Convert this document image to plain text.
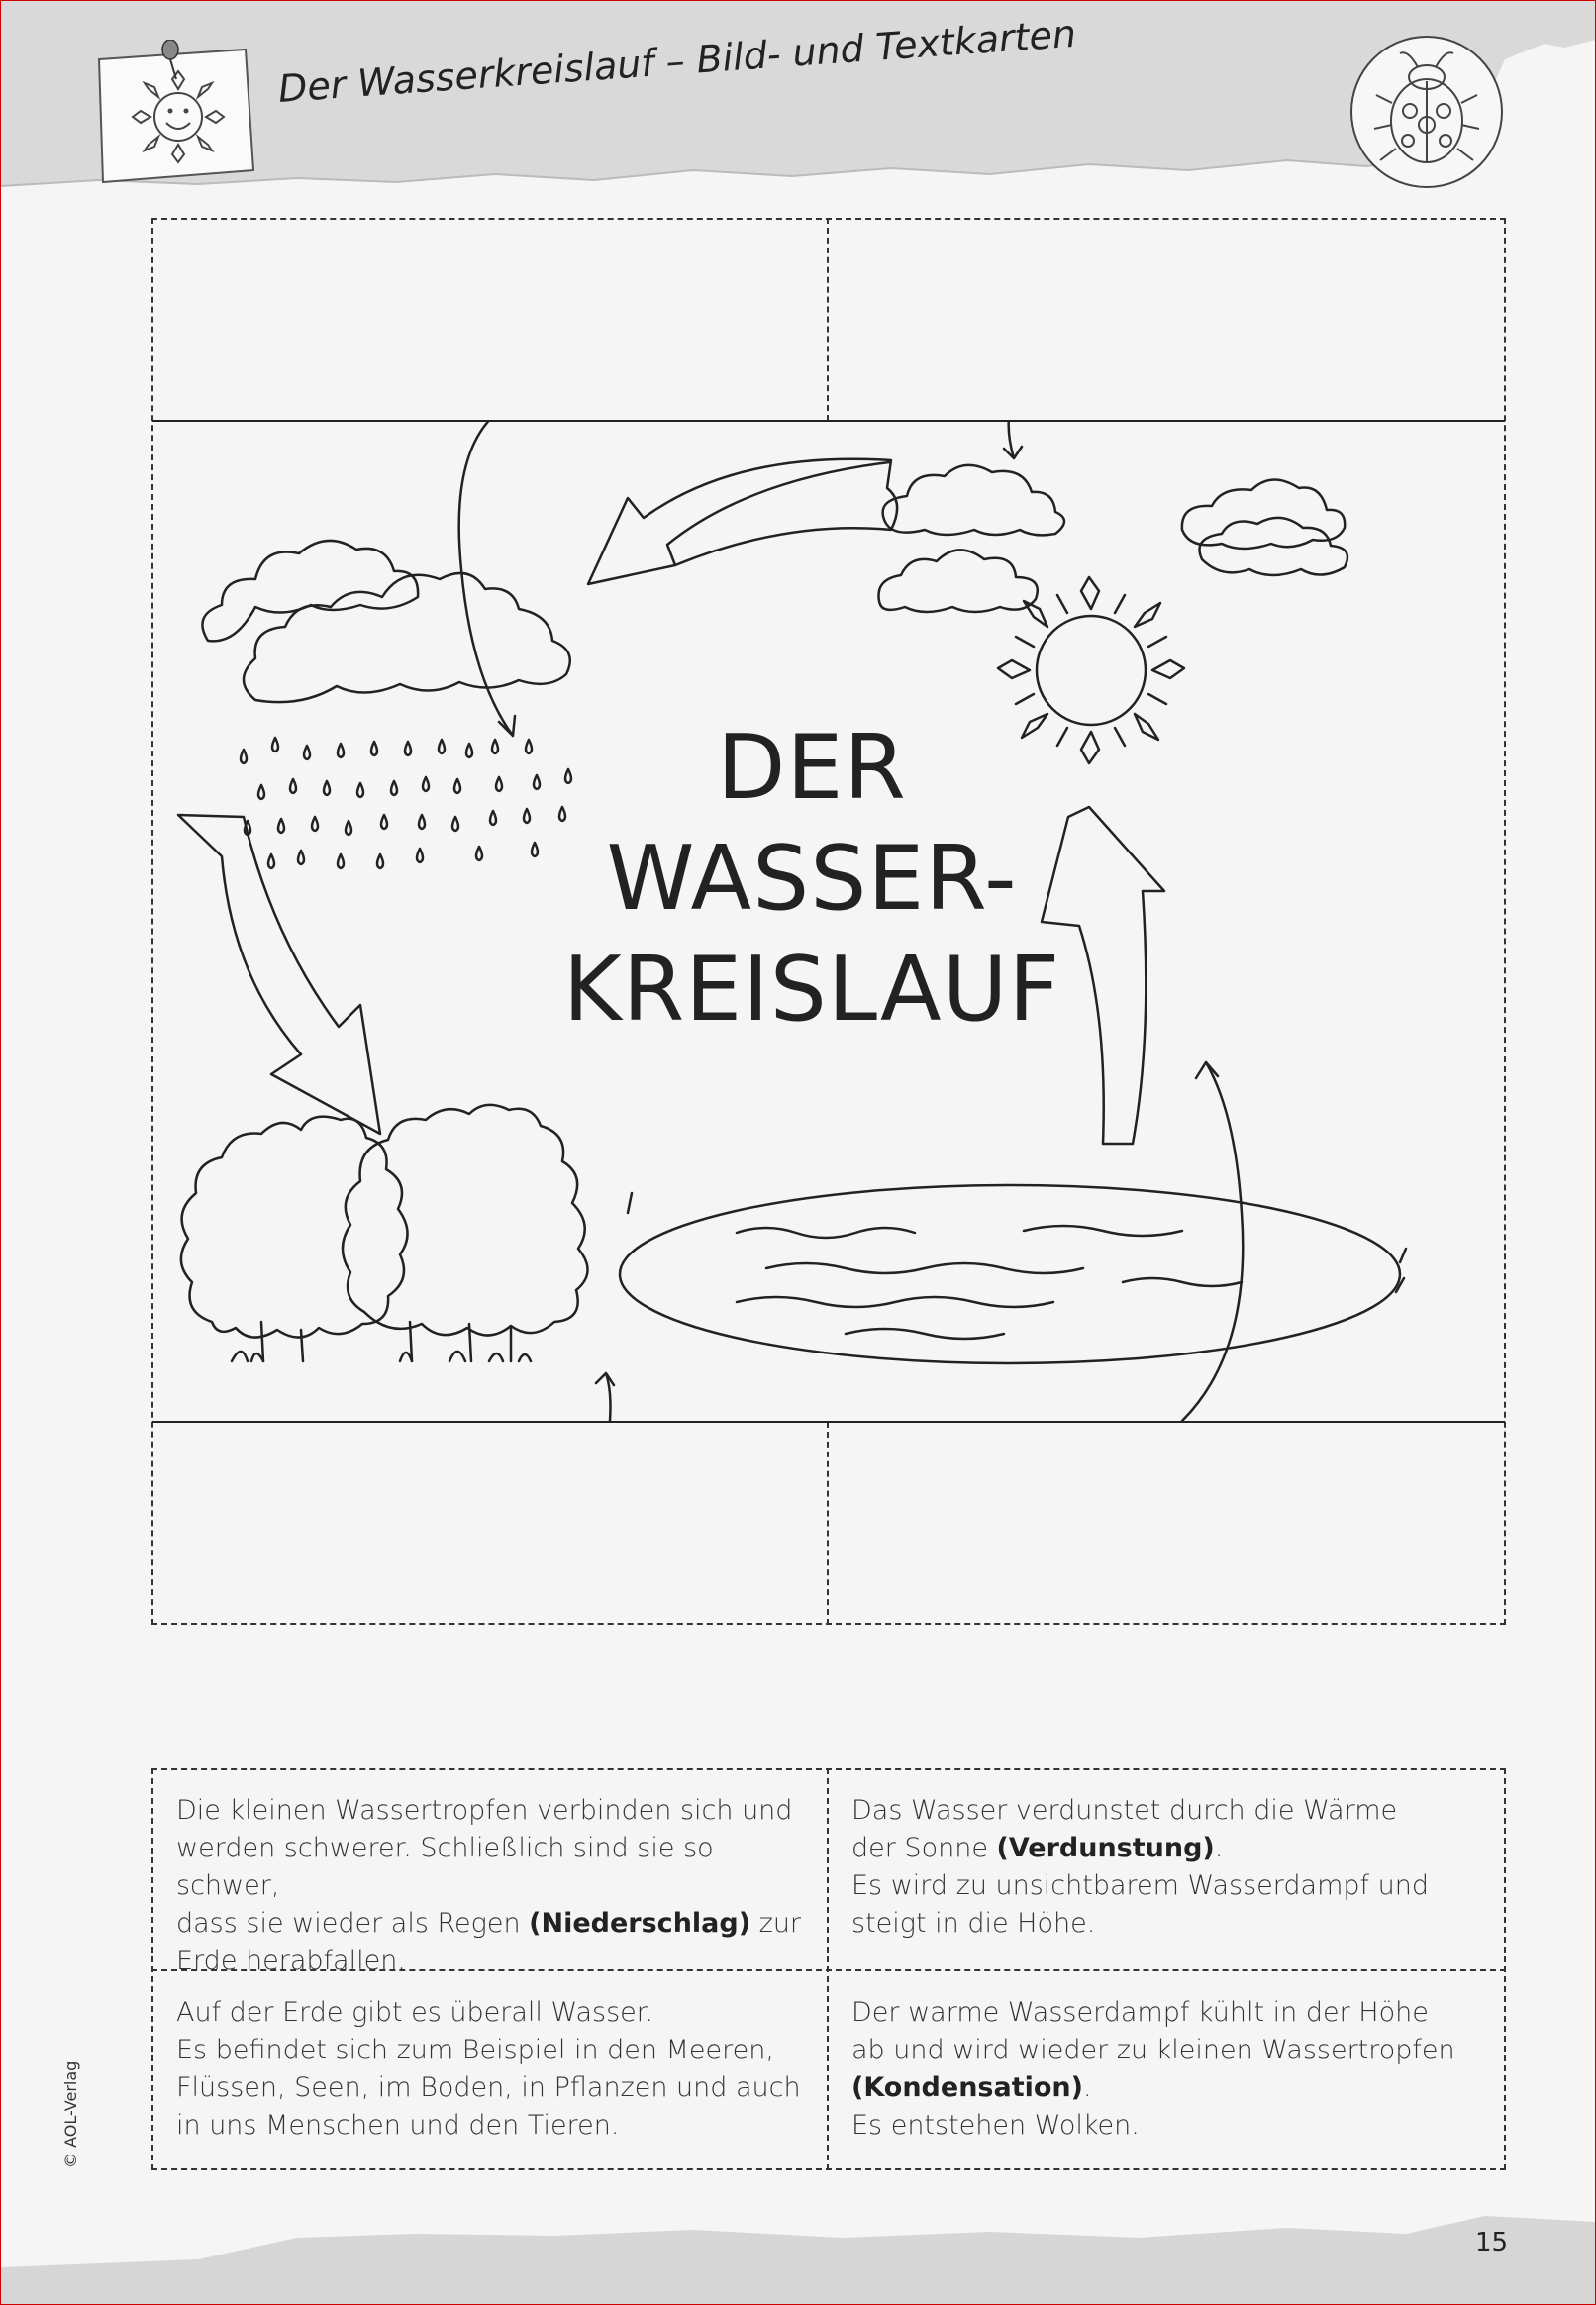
Der Wasserkreislauf – Bild- und Textkarten
DER
WASSER-
KREISLAUF

Die kleinen Wassertropfen verbinden sich und

werden schwerer. Schließlich sind sie so schwer,

dass sie wieder als Regen (Niederschlag) zur

Erde herabfallen.

Das Wasser verdunstet durch die Wärme

der Sonne (Verdunstung).

Es wird zu unsichtbarem Wasserdampf und

steigt in die Höhe.

Auf der Erde gibt es überall Wasser.

Es befindet sich zum Beispiel in den Meeren,

Flüssen, Seen, im Boden, in Pflanzen und auch

in uns Menschen und den Tieren.

Der warme Wasserdampf kühlt in der Höhe

ab und wird wieder zu kleinen Wassertropfen

(Kondensation).

Es entstehen Wolken.

© AOL-Verlag
15
